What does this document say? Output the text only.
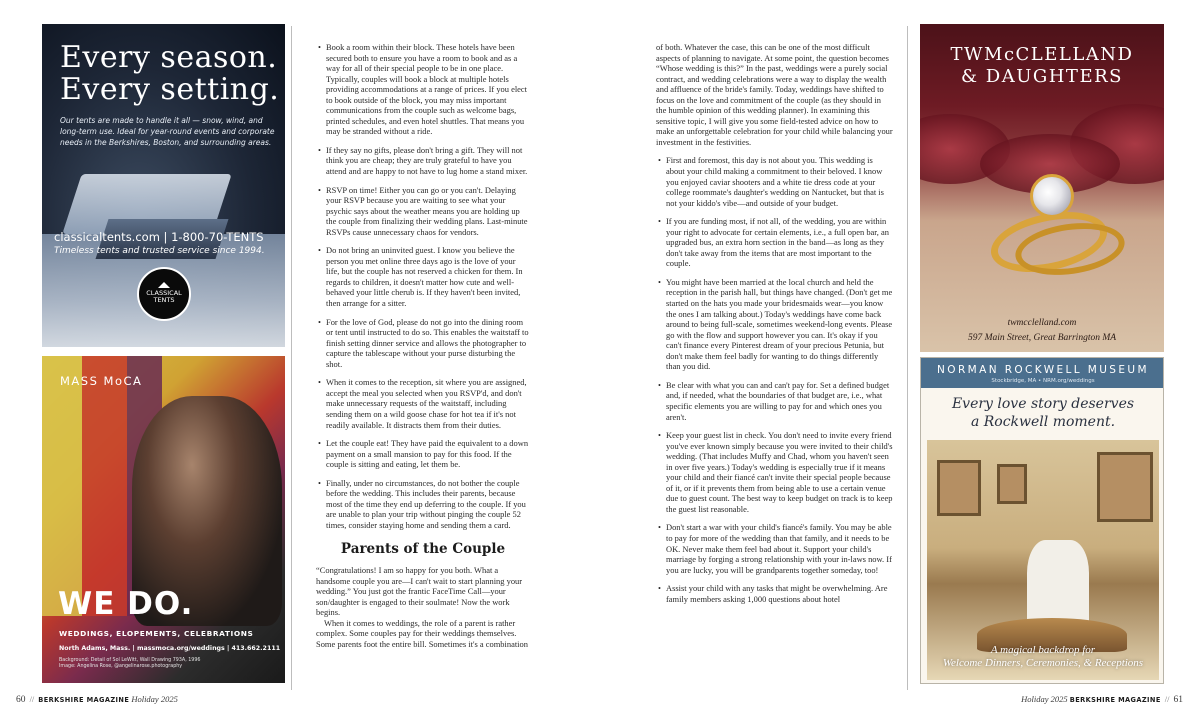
Every season.
Every setting.
Our tents are made to handle it all — snow, wind, and long-term use. Ideal for year-round events and corporate needs in the Berkshires, Boston, and surrounding areas.
classicaltents.com | 1-800-70-TENTS
Timeless tents and trusted service since 1994.
CLASSICAL
TENTS
MASS MoCA
WE DO.
WEDDINGS, ELOPEMENTS, CELEBRATIONS
North Adams, Mass. | massmoca.org/weddings | 413.662.2111
Background: Detail of Sol LeWitt, Wall Drawing 793A, 1996
Image: Angelina Rose, @angelinarose.photography
• Book a room within their block. These hotels have been secured both to ensure you have a room to book and as a way for all of their special people to be in one place. Typically, couples will book a block at multiple hotels providing accommodations at a range of prices. If you elect to book outside of the block, you may miss important communications from the couple such as welcome bags, printed schedules, and even hotel shuttles. That means you may be stranded without a ride.
• If they say no gifts, please don't bring a gift. They will not think you are cheap; they are truly grateful to have you attend and are happy to not have to lug home a stand mixer.
• RSVP on time! Either you can go or you can't. Delaying your RSVP because you are waiting to see what your psychic says about the weather means you are holding up the couple from finalizing their wedding plans. Last-minute RSVPs cause unnecessary chaos for vendors.
• Do not bring an uninvited guest. I know you believe the person you met online three days ago is the love of your life, but the couple has not reserved a chicken for them. In regards to children, it doesn't matter how cute and well-behaved your little cherub is. If they haven't been invited, then arrange for a sitter.
• For the love of God, please do not go into the dining room or tent until instructed to do so. This enables the waitstaff to finish setting dinner service and allows the photographer to capture the tablescape without your purse disturbing the shot.
• When it comes to the reception, sit where you are assigned, accept the meal you selected when you RSVP'd, and don't make unnecessary requests of the waitstaff, including sending them on a wild goose chase for hot tea if it's not readily available. It distracts them from their duties.
• Let the couple eat! They have paid the equivalent to a down payment on a small mansion to pay for this food. If the couple is sitting and eating, let them be.
• Finally, under no circumstances, do not bother the couple before the wedding. This includes their parents, because most of the time they end up deferring to the couple. If you are unable to plan your trip without pinging the couple 52 times, consider staying home and sending them a card.
Parents of the Couple

“Congratulations! I am so happy for you both. What a handsome couple you are—I can't wait to start planning your wedding.” You just got the frantic FaceTime Call—your son/daughter is engaged to their soulmate! Now the work begins.

When it comes to weddings, the role of a parent is rather complex. Some couples pay for their weddings themselves. Some parents foot the entire bill. Sometimes it's a combination

of both. Whatever the case, this can be one of the most difficult aspects of planning to navigate. At some point, the question becomes “Whose wedding is this?” In the past, weddings were a purely social contract, and wedding celebrations were a way to display the wealth and affluence of the bride's family. Today, weddings have shifted to focus on the love and commitment of the couple (as they should in the humble opinion of this wedding planner). In examining this sensitive topic, I will give you some field-tested advice on how to make an unforgettable celebration for your child while balancing your investment in the festivities.

• First and foremost, this day is not about you. This wedding is about your child making a commitment to their beloved. I know you enjoyed caviar shooters and a white tie dress code at your college roommate's daughter's wedding on Nantucket, but that is not your kiddo's vibe—and outside of your budget.
• If you are funding most, if not all, of the wedding, you are within your right to advocate for certain elements, i.e., a full open bar, an upgraded bus, an extra horn section in the band—as long as they don't take away from the items that are most important to the couple.
• You might have been married at the local church and held the reception in the parish hall, but things have changed. (Don't get me started on the hats you made your bridesmaids wear—you know the ones I am talking about.) Today's weddings have come back around to being full-scale, sometimes weekend-long events. Please go with the flow and support however you can. It's okay if you can't finance every Pinterest dream of your precious Petunia, but don't make them feel badly for wanting to do things differently than you did.
• Be clear with what you can and can't pay for. Set a defined budget and, if needed, what the boundaries of that budget are, i.e., what specific elements you are willing to pay for and which ones you aren't.
• Keep your guest list in check. You don't need to invite every friend you've ever known simply because you were invited to their child's wedding. (That includes Muffy and Chad, whom you haven't seen in over five years.) Today's wedding is especially true if it means your child and their fiancé can't invite their special people because of it, or if it prevents them from being able to use a certain venue due to guest count. The best way to keep budget on track is to keep the guest list reasonable.
• Don't start a war with your child's fiancé's family. You may be able to pay for more of the wedding than that family, and it needs to be OK. Never make them feel bad about it. Support your child's marriage by forging a strong relationship with your in-laws now. If you are lucky, you will be grandparents together someday, too!
• Assist your child with any tasks that might be overwhelming. Are family members asking 1,000 questions about hotel
TWMcCLELLAND
& DAUGHTERS
twmcclelland.com
597 Main Street, Great Barrington MA
NORMAN ROCKWELL MUSEUM
Stockbridge, MA • NRM.org/weddings
Every love story deserves
a Rockwell moment.
A magical backdrop for
Welcome Dinners, Ceremonies, & Receptions
60 // BERKSHIRE MAGAZINE Holiday 2025	Holiday 2025 BERKSHIRE MAGAZINE // 61
